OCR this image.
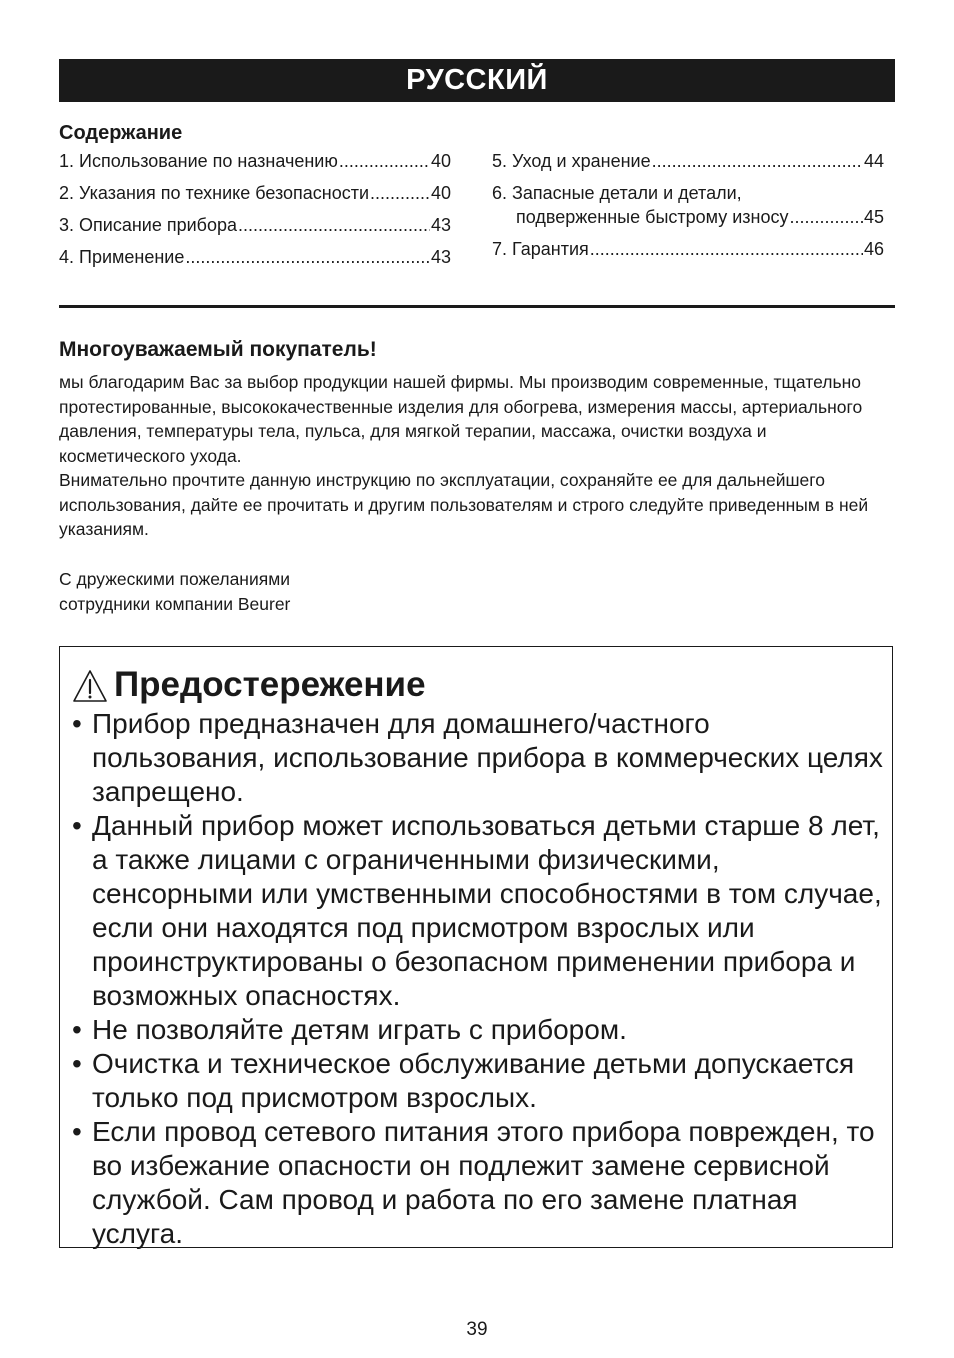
РУССКИЙ
Содержание
1. Использование по назначению .....	40
2. Указания по технике безопасности .....	40
3. Описание прибора .....	43
4. Применение .....	43
5. Уход и хранение .....	44
6. Запасные детали и детали,
подверженные быстрому износу .....	45
7. Гарантия .....	46
Многоуважаемый покупатель!

мы благодарим Вас за выбор продукции нашей фирмы. Мы производим современные, тщательно протестированные, высококачественные изделия для обогрева, измерения массы, артериального давления, температуры тела, пульса, для мягкой терапии, массажа, очистки воздуха и косметического ухода.

Внимательно прочтите данную инструкцию по эксплуатации, сохраняйте ее для дальнейшего использования, дайте ее прочитать и другим пользователям и строго следуйте приведенным в ней указаниям.

С дружескими пожеланиями

сотрудники компании Beurer

Предостережение
• Прибор предназначен для домашнего/частного пользования, использование прибора в коммерческих целях запрещено.
• Данный прибор может использоваться детьми старше 8 лет, а также лицами с ограниченными физическими, сенсорными или умственными способностями в том случае, если они находятся под присмотром взрослых или проинструктированы о безопасном применении прибора и возможных опасностях.
• Не позволяйте детям играть с прибором.
• Очистка и техническое обслуживание детьми допускается только под присмотром взрослых.
• Если провод сетевого питания этого прибора поврежден, то во избежание опасности он подлежит замене сервисной службой. Сам провод и работа по его замене платная услуга.
39
